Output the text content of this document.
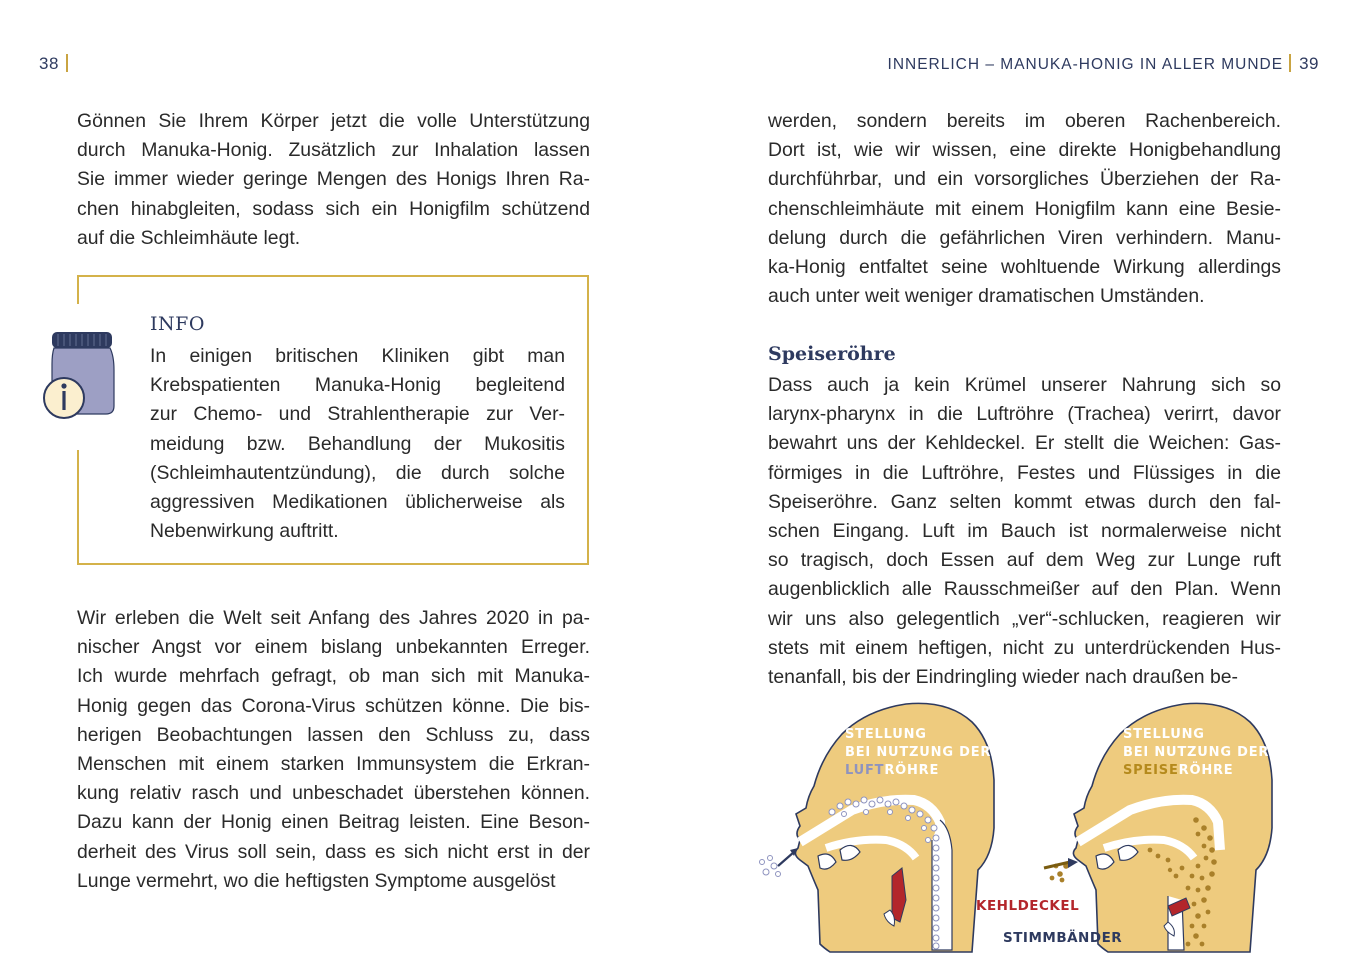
38
Gönnen Sie Ihrem Körper jetzt die volle Unterstützung
durch Manuka-Honig. Zusätzlich zur Inhalation lassen
Sie immer wieder geringe Mengen des Honigs Ihren Ra-
chen hinabgleiten, sodass sich ein Honigfilm schützend
auf die Schleimhäute legt.
INFO
In einigen britischen Kliniken gibt man
Krebspatienten Manuka-Honig begleitend
zur Chemo- und Strahlentherapie zur Ver-
meidung bzw. Behandlung der Mukositis
(Schleimhautentzündung), die durch solche
aggressiven Medikationen üblicherweise als
Nebenwirkung auftritt.
Wir erleben die Welt seit Anfang des Jahres 2020 in pa-
nischer Angst vor einem bislang unbekannten Erreger.
Ich wurde mehrfach gefragt, ob man sich mit Manuka-
Honig gegen das Corona-Virus schützen könne. Die bis-
herigen Beobachtungen lassen den Schluss zu, dass
Menschen mit einem starken Immunsystem die Erkran-
kung relativ rasch und unbeschadet überstehen können.
Dazu kann der Honig einen Beitrag leisten. Eine Beson-
derheit des Virus soll sein, dass es sich nicht erst in der
Lunge vermehrt, wo die heftigsten Symptome ausgelöst
INNERLICH – MANUKA-HONIG IN ALLER MUNDE 39
werden, sondern bereits im oberen Rachenbereich.
Dort ist, wie wir wissen, eine direkte Honigbehandlung
durchführbar, und ein vorsorgliches Überziehen der Ra-
chenschleimhäute mit einem Honigfilm kann eine Besie-
delung durch die gefährlichen Viren verhindern. Manu-
ka-Honig entfaltet seine wohltuende Wirkung allerdings
auch unter weit weniger dramatischen Umständen.
Speiseröhre
Dass auch ja kein Krümel unserer Nahrung sich so
larynx-pharynx in die Luftröhre (Trachea) verirrt, davor
bewahrt uns der Kehldeckel. Er stellt die Weichen: Gas-
förmiges in die Luftröhre, Festes und Flüssiges in die
Speiseröhre. Ganz selten kommt etwas durch den fal-
schen Eingang. Luft im Bauch ist normalerweise nicht
so tragisch, doch Essen auf dem Weg zur Lunge ruft
augenblicklich alle Rausschmeißer auf den Plan. Wenn
wir uns also gelegentlich „ver“-schlucken, reagieren wir
stets mit einem heftigen, nicht zu unterdrückenden Hus-
tenanfall, bis der Eindringling wieder nach draußen be-
STELLUNG
BEI NUTZUNG DER
LUFTRÖHRE
STELLUNG
BEI NUTZUNG DER
SPEISERÖHRE
KEHLDECKEL
STIMMBÄNDER
